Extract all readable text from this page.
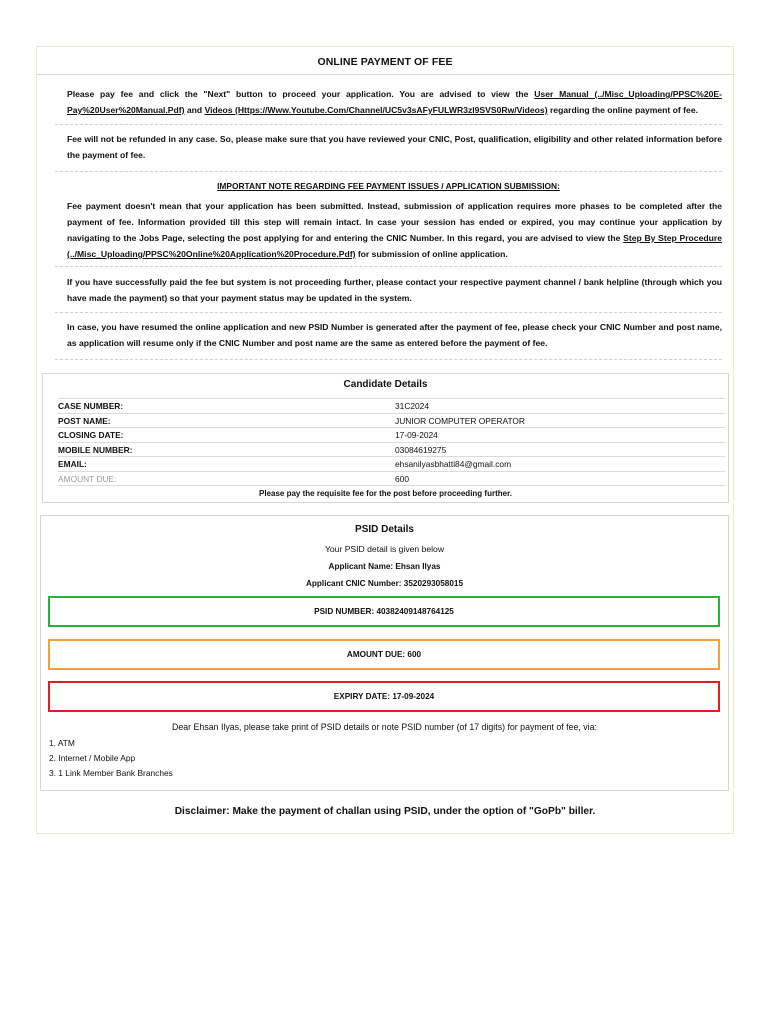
ONLINE PAYMENT OF FEE
Please pay fee and click the "Next" button to proceed your application. You are advised to view the User Manual (../Misc_Uploading/PPSC%20E-Pay%20User%20Manual.Pdf) and Videos (Https://Www.Youtube.Com/Channel/UC5v3sAFyFULWR3zl9SVS0Rw/Videos) regarding the online payment of fee.
Fee will not be refunded in any case. So, please make sure that you have reviewed your CNIC, Post, qualification, eligibility and other related information before the payment of fee.
IMPORTANT NOTE REGARDING FEE PAYMENT ISSUES / APPLICATION SUBMISSION:
Fee payment doesn't mean that your application has been submitted. Instead, submission of application requires more phases to be completed after the payment of fee. Information provided till this step will remain intact. In case your session has ended or expired, you may continue your application by navigating to the Jobs Page, selecting the post applying for and entering the CNIC Number. In this regard, you are advised to view the Step By Step Procedure (../Misc_Uploading/PPSC%20Online%20Application%20Procedure.Pdf) for submission of online application.
If you have successfully paid the fee but system is not proceeding further, please contact your respective payment channel / bank helpline (through which you have made the payment) so that your payment status may be updated in the system.
In case, you have resumed the online application and new PSID Number is generated after the payment of fee, please check your CNIC Number and post name, as application will resume only if the CNIC Number and post name are the same as entered before the payment of fee.
Candidate Details
CASE NUMBER:	31C2024
POST NAME:	JUNIOR COMPUTER OPERATOR
CLOSING DATE:	17-09-2024
MOBILE NUMBER:	03084619275
EMAIL:	ehsanilyasbhatti84@gmail.com
AMOUNT DUE:	600
Please pay the requisite fee for the post before proceeding further.
PSID Details
Your PSID detail is given below
Applicant Name: Ehsan Ilyas
Applicant CNIC Number: 3520293058015
PSID NUMBER: 40382409148764125
AMOUNT DUE: 600
EXPIRY DATE: 17-09-2024
Dear Ehsan Ilyas, please take print of PSID details or note PSID number (of 17 digits) for payment of fee, via:
1. ATM
2. Internet / Mobile App
3. 1 Link Member Bank Branches
Disclaimer: Make the payment of challan using PSID, under the option of "GoPb" biller.
